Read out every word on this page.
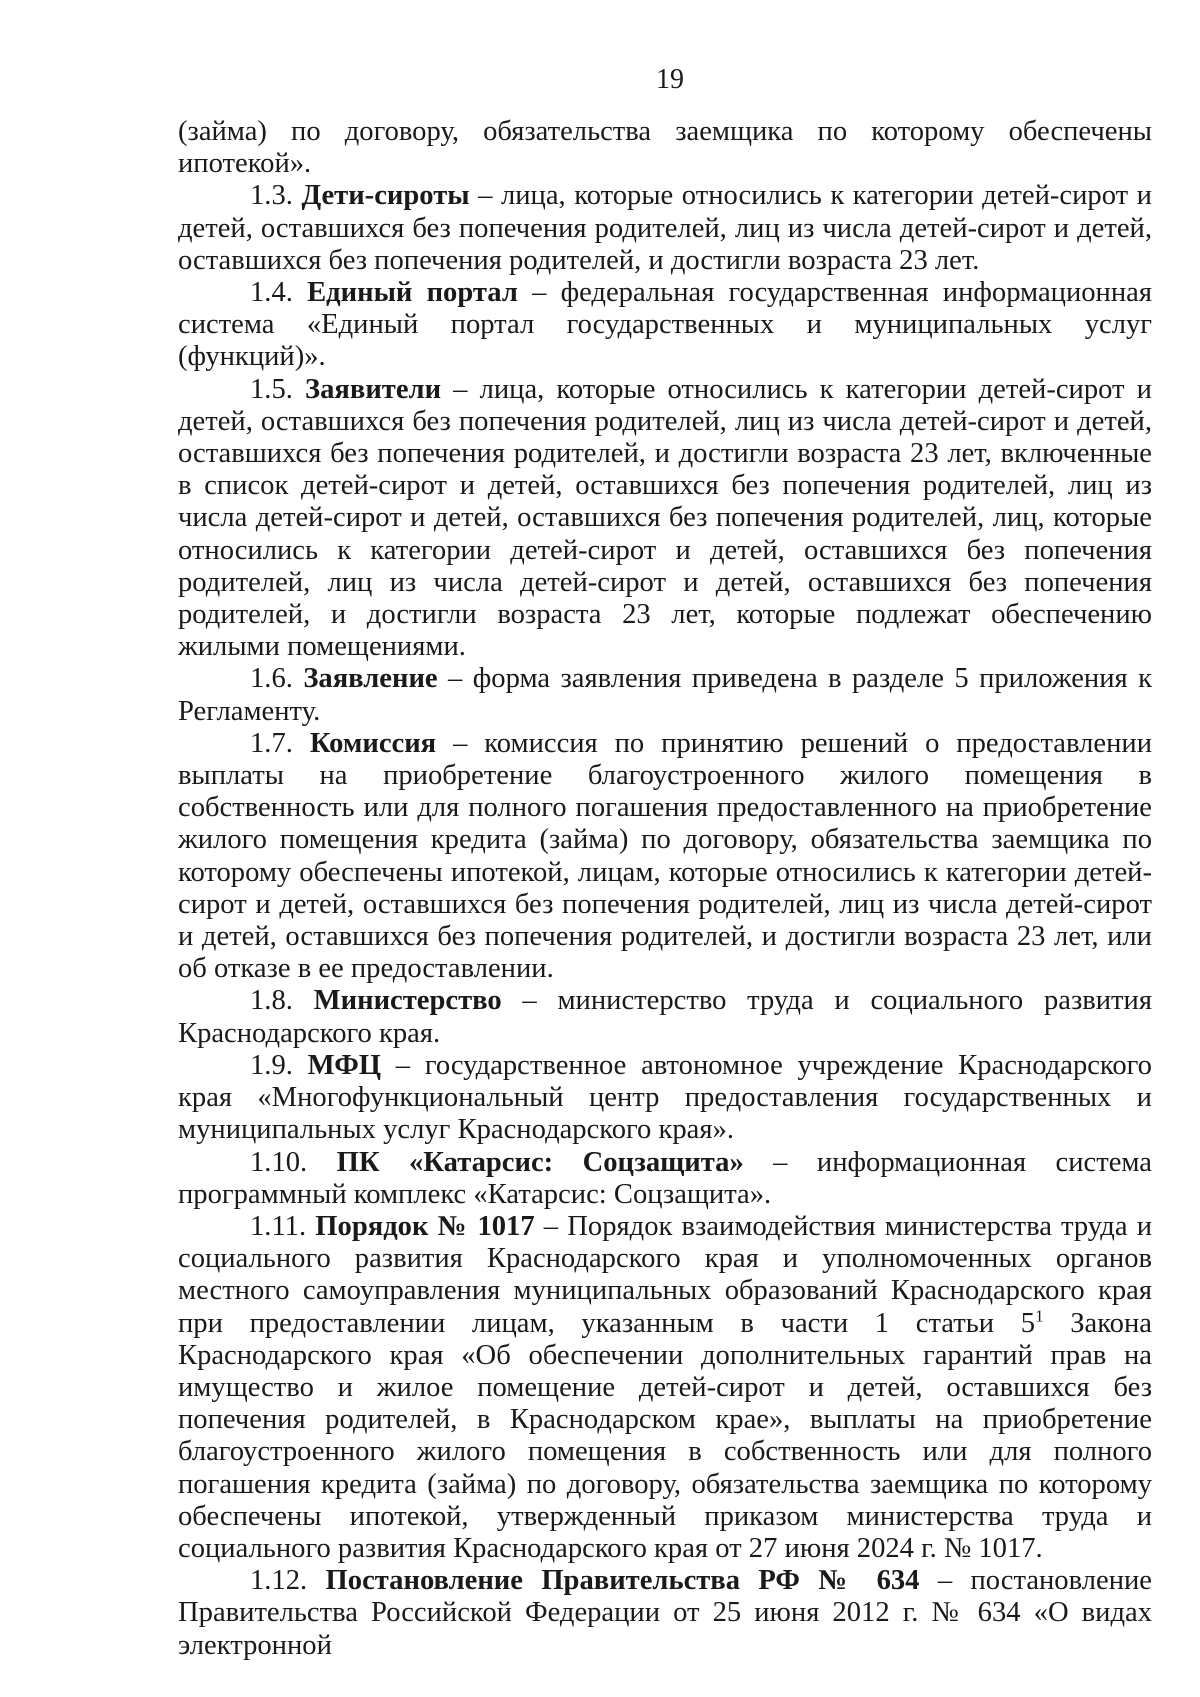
19

(займа) по договору, обязательства заемщика по которому обеспечены ипотекой».

1.3. Дети-сироты – лица, которые относились к категории детей-сирот и детей, оставшихся без попечения родителей, лиц из числа детей-сирот и детей, оставшихся без попечения родителей, и достигли возраста 23 лет.

1.4. Единый портал – федеральная государственная информационная система «Единый портал государственных и муниципальных услуг (функций)».

1.5. Заявители – лица, которые относились к категории детей-сирот и детей, оставшихся без попечения родителей, лиц из числа детей-сирот и детей, оставшихся без попечения родителей, и достигли возраста 23 лет, включенные в список детей-сирот и детей, оставшихся без попечения родителей, лиц из числа детей-сирот и детей, оставшихся без попечения родителей, лиц, которые относились к категории детей-сирот и детей, оставшихся без попечения родителей, лиц из числа детей-сирот и детей, оставшихся без попечения родителей, и достигли возраста 23 лет, которые подлежат обеспечению жилыми помещениями.

1.6. Заявление – форма заявления приведена в разделе 5 приложения к Регламенту.

1.7. Комиссия – комиссия по принятию решений о предоставлении выплаты на приобретение благоустроенного жилого помещения в собственность или для полного погашения предоставленного на приобретение жилого помещения кредита (займа) по договору, обязательства заемщика по которому обеспечены ипотекой, лицам, которые относились к категории детей-сирот и детей, оставшихся без попечения родителей, лиц из числа детей-сирот и детей, оставшихся без попечения родителей, и достигли возраста 23 лет, или об отказе в ее предоставлении.

1.8. Министерство – министерство труда и социального развития Краснодарского края.

1.9. МФЦ – государственное автономное учреждение Краснодарского края «Многофункциональный центр предоставления государственных и муниципальных услуг Краснодарского края».

1.10. ПК «Катарсис: Соцзащита» – информационная система программный комплекс «Катарсис: Соцзащита».

1.11. Порядок № 1017 – Порядок взаимодействия министерства труда и социального развития Краснодарского края и уполномоченных органов местного самоуправления муниципальных образований Краснодарского края при предоставлении лицам, указанным в части 1 статьи $5^1$ Закона Краснодарского края «Об обеспечении дополнительных гарантий прав на имущество и жилое помещение детей-сирот и детей, оставшихся без попечения родителей, в Краснодарском крае», выплаты на приобретение благоустроенного жилого помещения в собственность или для полного погашения кредита (займа) по договору, обязательства заемщика по которому обеспечены ипотекой, утвержденный приказом министерства труда и социального развития Краснодарского края от 27 июня 2024 г. № 1017.

1.12. Постановление Правительства РФ № 634 – постановление Правительства Российской Федерации от 25 июня 2012 г. № 634 «О видах электронной
